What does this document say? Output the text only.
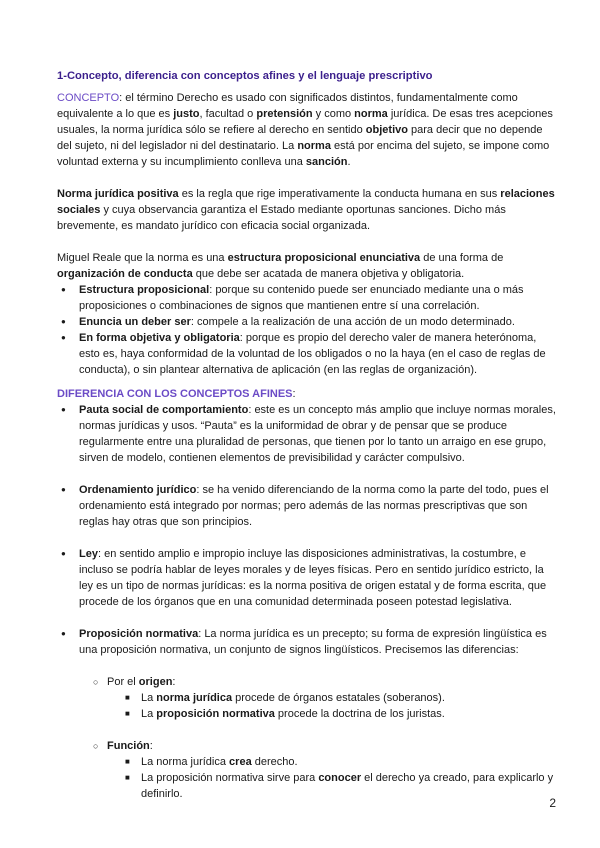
1-Concepto, diferencia con conceptos afines y el lenguaje prescriptivo

CONCEPTO: el término Derecho es usado con significados distintos, fundamentalmente como equivalente a lo que es justo, facultad o pretensión y como norma jurídica. De esas tres acepciones usuales, la norma jurídica sólo se refiere al derecho en sentido objetivo para decir que no depende del sujeto, ni del legislador ni del destinatario. La norma está por encima del sujeto, se impone como voluntad externa y su incumplimiento conlleva una sanción.

Norma jurídica positiva es la regla que rige imperativamente la conducta humana en sus relaciones sociales y cuya observancia garantiza el Estado mediante oportunas sanciones. Dicho más brevemente, es mandato jurídico con eficacia social organizada.

Miguel Reale que la norma es una estructura proposicional enunciativa de una forma de organización de conducta que debe ser acatada de manera objetiva y obligatoria.

● Estructura proposicional: porque su contenido puede ser enunciado mediante una o más proposiciones o combinaciones de signos que mantienen entre sí una correlación.
● Enuncia un deber ser: compele a la realización de una acción de un modo determinado.
● En forma objetiva y obligatoria: porque es propio del derecho valer de manera heterónoma, esto es, haya conformidad de la voluntad de los obligados o no la haya (en el caso de reglas de conducta), o sin plantear alternativa de aplicación (en las reglas de organización).

DIFERENCIA CON LOS CONCEPTOS AFINES:

● Pauta social de comportamiento: este es un concepto más amplio que incluye normas morales, normas jurídicas y usos. “Pauta” es la uniformidad de obrar y de pensar que se produce regularmente entre una pluralidad de personas, que tienen por lo tanto un arraigo en ese grupo, sirven de modelo, contienen elementos de previsibilidad y carácter compulsivo.
● Ordenamiento jurídico: se ha venido diferenciando de la norma como la parte del todo, pues el ordenamiento está integrado por normas; pero además de las normas prescriptivas que son reglas hay otras que son principios.
● Ley: en sentido amplio e impropio incluye las disposiciones administrativas, la costumbre, e incluso se podría hablar de leyes morales y de leyes físicas. Pero en sentido jurídico estricto, la ley es un tipo de normas jurídicas: es la norma positiva de origen estatal y de forma escrita, que procede de los órganos que en una comunidad determinada poseen potestad legislativa.
● Proposición normativa: La norma jurídica es un precepto; su forma de expresión lingüística es una proposición normativa, un conjunto de signos lingüísticos. Precisemos las diferencias:
○ Por el origen:
■ La norma jurídica procede de órganos estatales (soberanos).
■ La proposición normativa procede la doctrina de los juristas.
○ Función:
■ La norma jurídica crea derecho.
■ La proposición normativa sirve para conocer el derecho ya creado, para explicarlo y definirlo.
2
